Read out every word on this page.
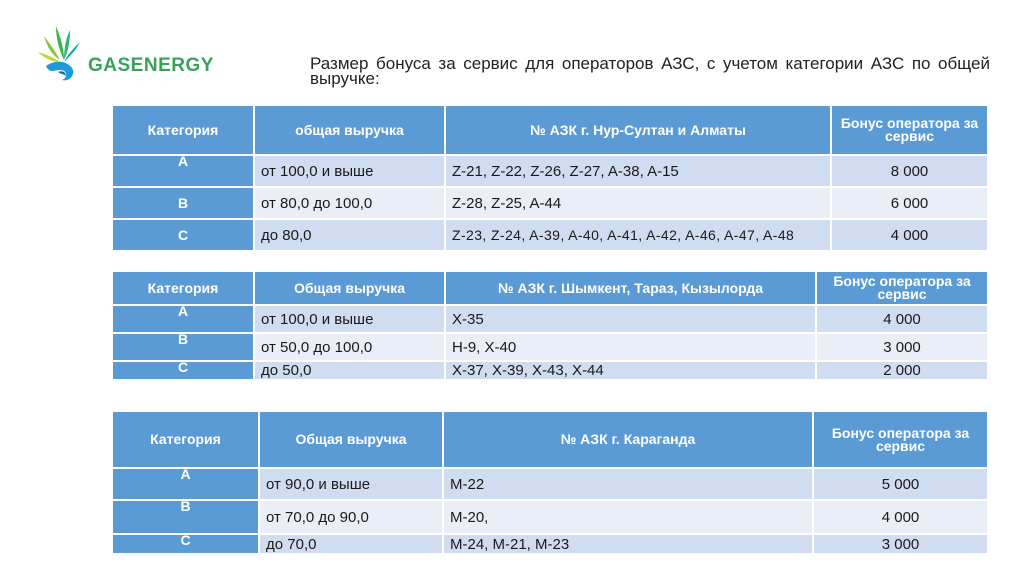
GASENERGY	Размер бонуса за сервис для операторов АЗС, с учетом категории АЗС по общей выручке:
Категория	общая выручка	№ АЗК г. Нур-Султан и Алматы	Бонус оператора за сервис
A	от 100,0 и выше	Z-21, Z-22, Z-26, Z-27, A-38, A-15	8 000
B	от 80,0 до 100,0	Z-28, Z-25, A-44	6 000
C	до 80,0	Z-23, Z-24, A-39, A-40, A-41, A-42, A-46, A-47, A-48	4 000
Категория	Общая выручка	№ АЗК г. Шымкент, Тараз, Кызылорда	Бонус оператора за сервис
A	от 100,0 и выше	X-35	4 000
B	от 50,0 до 100,0	H-9, X-40	3 000
C	до 50,0	X-37, X-39, X-43, X-44	2 000
Категория	Общая выручка	№ АЗК г. Караганда	Бонус оператора за сервис
A	от 90,0 и выше	M-22	5 000
B	от 70,0 до 90,0	M-20,	4 000
C	до 70,0	M-24, M-21, M-23	3 000
